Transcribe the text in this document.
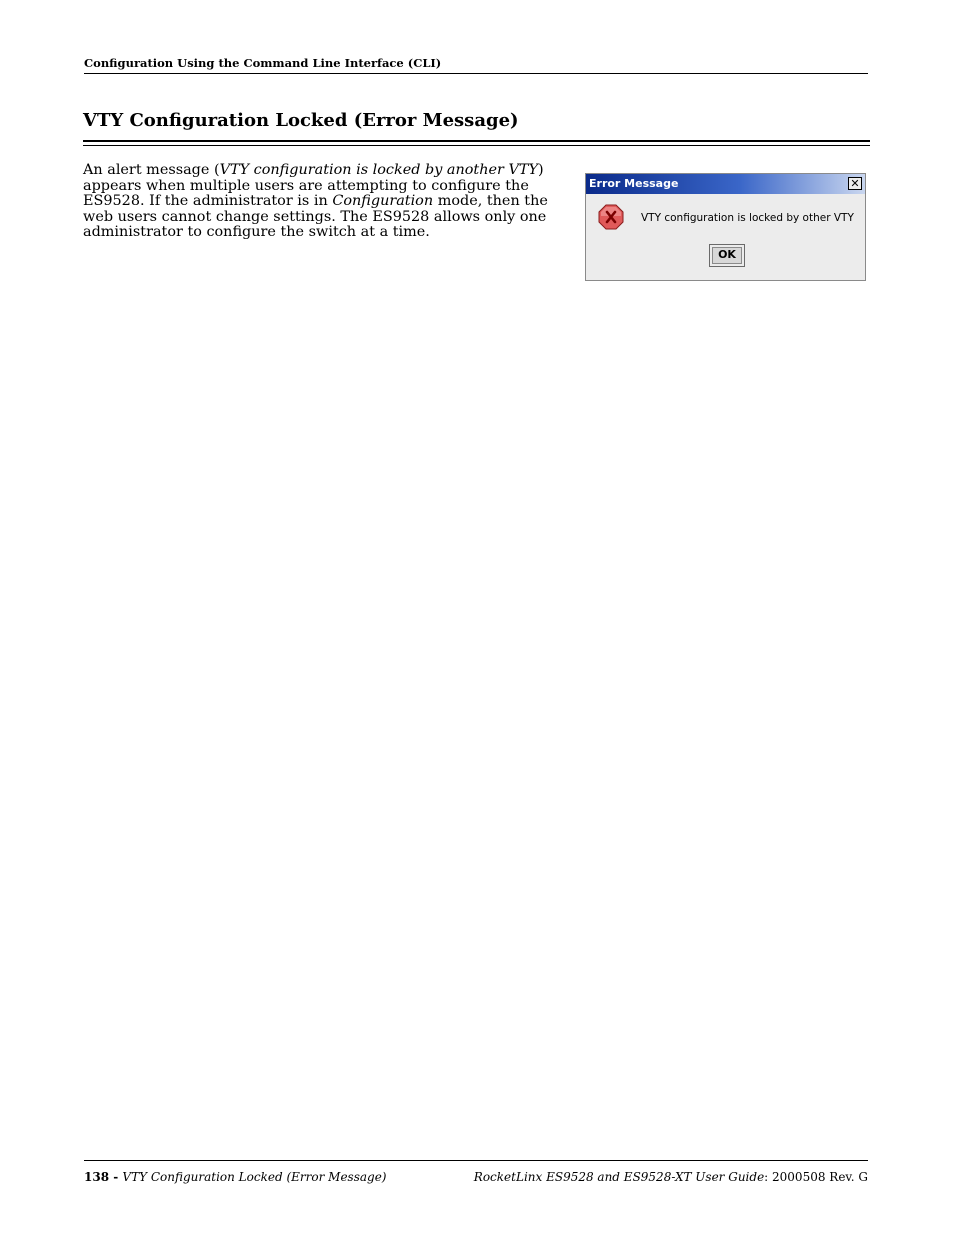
Configuration Using the Command Line Interface (CLI)
VTY Configuration Locked (Error Message)

An alert message (VTY configuration is locked by another VTY) appears when multiple users are attempting to configure the ES9528. If the administrator is in Configuration mode, then the web users cannot change settings. The ES9528 allows only one administrator to configure the switch at a time.

Error Message	✕
VTY configuration is locked by other VTY
OK
138 - VTY Configuration Locked (Error Message)	RocketLinx ES9528 and ES9528-XT User Guide: 2000508 Rev. G
